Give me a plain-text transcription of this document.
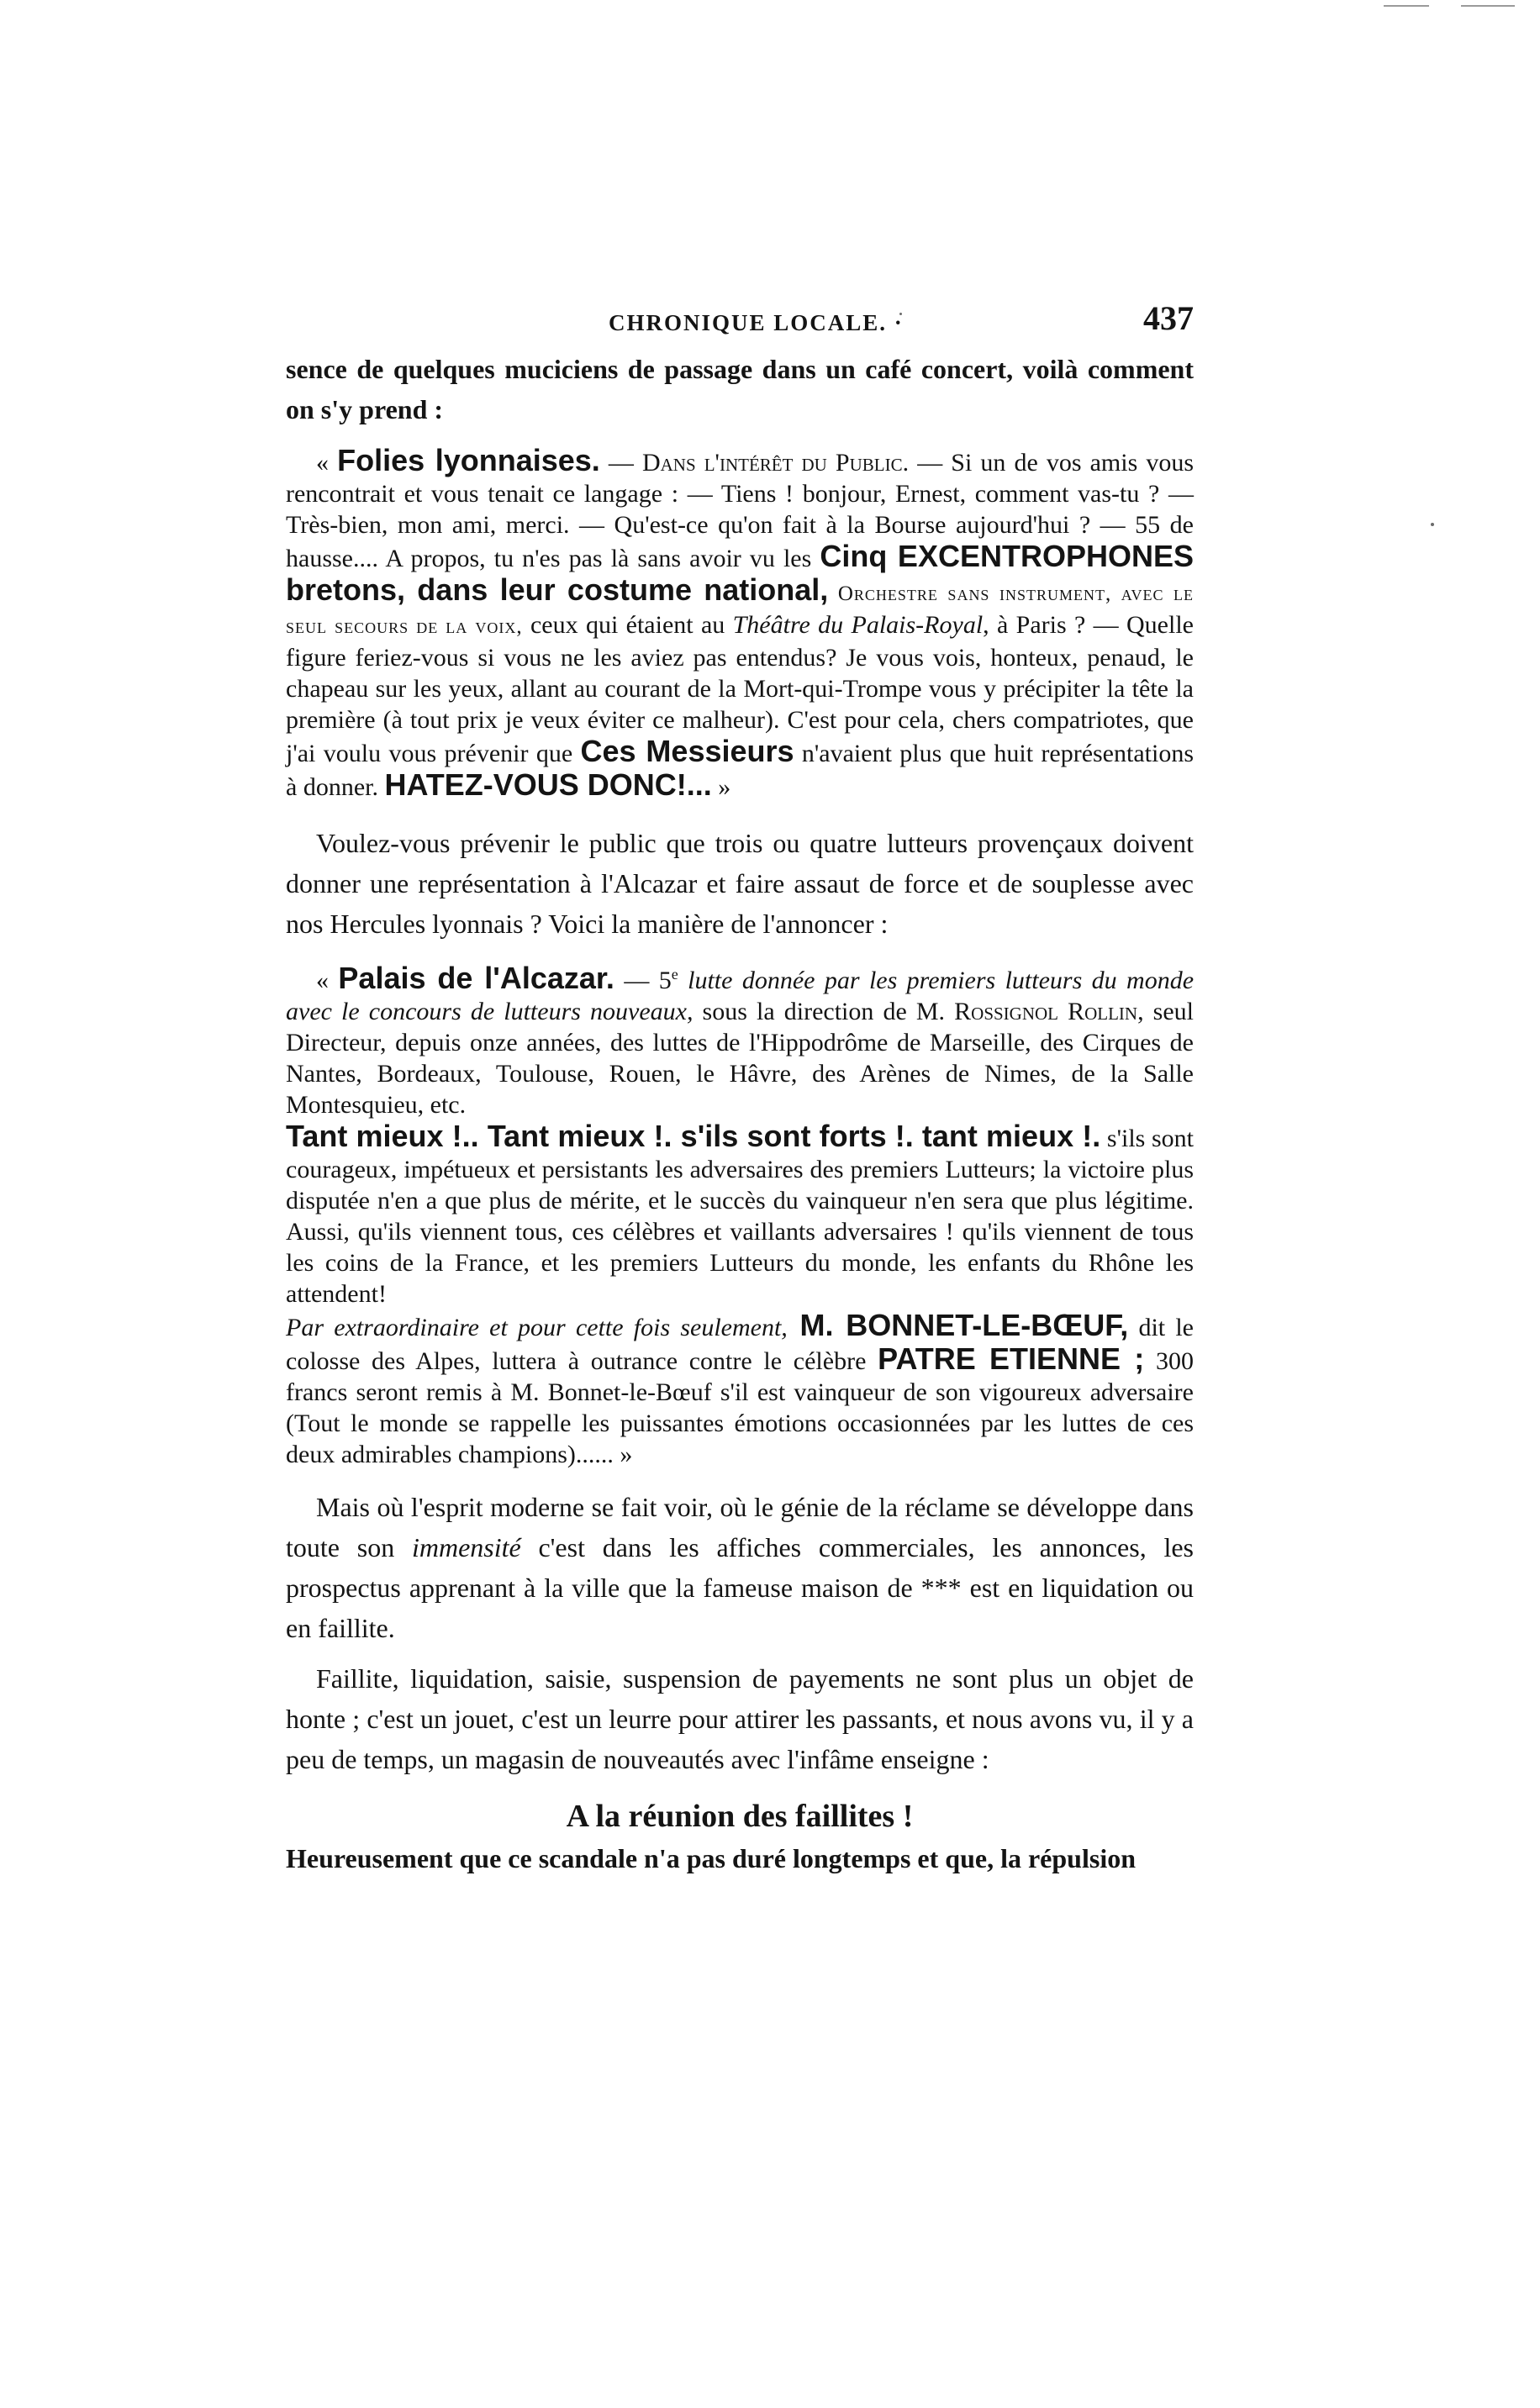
CHRONIQUE LOCALE. ·	437

sence de quelques muciciens de passage dans un café concert, voilà comment on s'y prend :

« Folies lyonnaises. — Dans l'intérêt du Public. — Si un de vos amis vous rencontrait et vous tenait ce langage : — Tiens ! bonjour, Ernest, comment vas-tu ? — Très-bien, mon ami, merci. — Qu'est-ce qu'on fait à la Bourse aujourd'hui ? — 55 de hausse.... A propos, tu n'es pas là sans avoir vu les Cinq EXCENTROPHONES bretons, dans leur costume national, Orchestre sans instrument, avec le seul secours de la voix, ceux qui étaient au Théâtre du Palais-Royal, à Paris ? — Quelle figure feriez-vous si vous ne les aviez pas entendus? Je vous vois, honteux, penaud, le chapeau sur les yeux, allant au courant de la Mort-qui-Trompe vous y précipiter la tête la première (à tout prix je veux éviter ce malheur). C'est pour cela, chers compatriotes, que j'ai voulu vous prévenir que Ces Messieurs n'avaient plus que huit représentations à donner. HATEZ-VOUS DONC!... »

Voulez-vous prévenir le public que trois ou quatre lutteurs provençaux doivent donner une représentation à l'Alcazar et faire assaut de force et de souplesse avec nos Hercules lyonnais ? Voici la manière de l'annoncer :

« Palais de l'Alcazar. — 5e lutte donnée par les premiers lutteurs du monde avec le concours de lutteurs nouveaux, sous la direction de M. Rossignol Rollin, seul Directeur, depuis onze années, des luttes de l'Hippodrôme de Marseille, des Cirques de Nantes, Bordeaux, Toulouse, Rouen, le Hâvre, des Arènes de Nimes, de la Salle Montesquieu, etc.
Tant mieux !.. Tant mieux !. s'ils sont forts !. tant mieux !. s'ils sont courageux, impétueux et persistants les adversaires des premiers Lutteurs; la victoire plus disputée n'en a que plus de mérite, et le succès du vainqueur n'en sera que plus légitime. Aussi, qu'ils viennent tous, ces célèbres et vaillants adversaires ! qu'ils viennent de tous les coins de la France, et les premiers Lutteurs du monde, les enfants du Rhône les attendent!
Par extraordinaire et pour cette fois seulement, M. BONNET-LE-BŒUF, dit le colosse des Alpes, luttera à outrance contre le célèbre PATRE ETIENNE ; 300 francs seront remis à M. Bonnet-le-Bœuf s'il est vainqueur de son vigoureux adversaire (Tout le monde se rappelle les puissantes émotions occasionnées par les luttes de ces deux admirables champions)...... »

Mais où l'esprit moderne se fait voir, où le génie de la réclame se développe dans toute son immensité c'est dans les affiches commerciales, les annonces, les prospectus apprenant à la ville que la fameuse maison de *** est en liquidation ou en faillite.

Faillite, liquidation, saisie, suspension de payements ne sont plus un objet de honte ; c'est un jouet, c'est un leurre pour attirer les passants, et nous avons vu, il y a peu de temps, un magasin de nouveautés avec l'infâme enseigne :

A la réunion des faillites !

Heureusement que ce scandale n'a pas duré longtemps et que, la répulsion
